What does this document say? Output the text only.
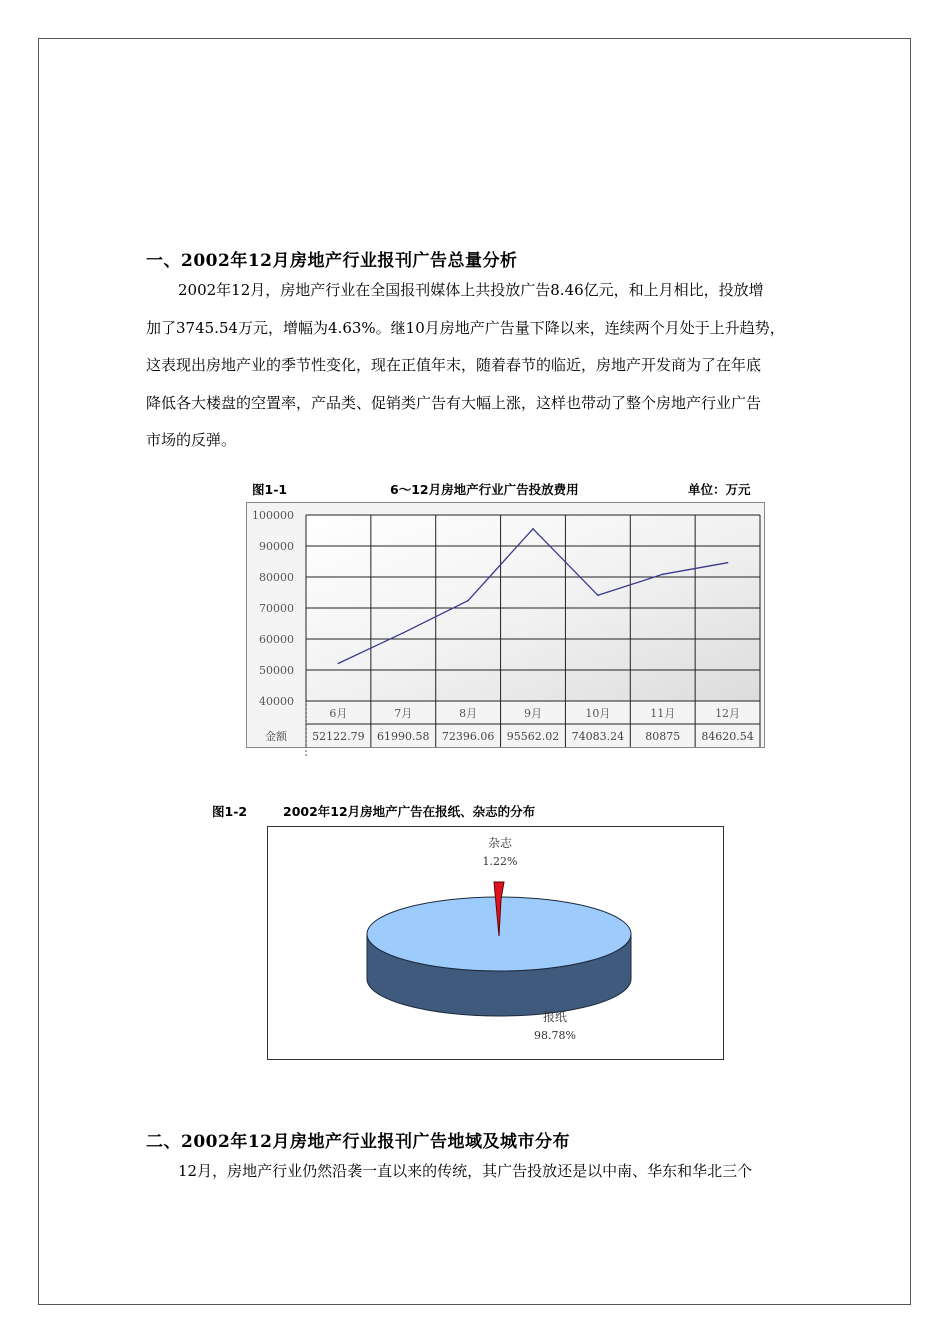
一、2002年12月房地产行业报刊广告总量分析

2002年12月，房地产行业在全国报刊媒体上共投放广告8.46亿元，和上月相比，投放增

加了3745.54万元，增幅为4.63%。继10月房地产广告量下降以来，连续两个月处于上升趋势，

这表现出房地产业的季节性变化，现在正值年末，随着春节的临近，房地产开发商为了在年底

降低各大楼盘的空置率，产品类、促销类广告有大幅上涨，这样也带动了整个房地产行业广告

市场的反弹。

图1-1	6～12月房地产行业广告投放费用	单位：万元
40000
50000
60000
70000
80000
90000
100000
6月	7月	8月	9月	10月	11月	12月
金额 52122.79 61990.58 72396.06 95562.02 74083.24 80875 84620.54
图1-2	2002年12月房地产广告在报纸、杂志的分布
杂志
1.22%
报纸
98.78%
二、2002年12月房地产行业报刊广告地域及城市分布

12月，房地产行业仍然沿袭一直以来的传统，其广告投放还是以中南、华东和华北三个
